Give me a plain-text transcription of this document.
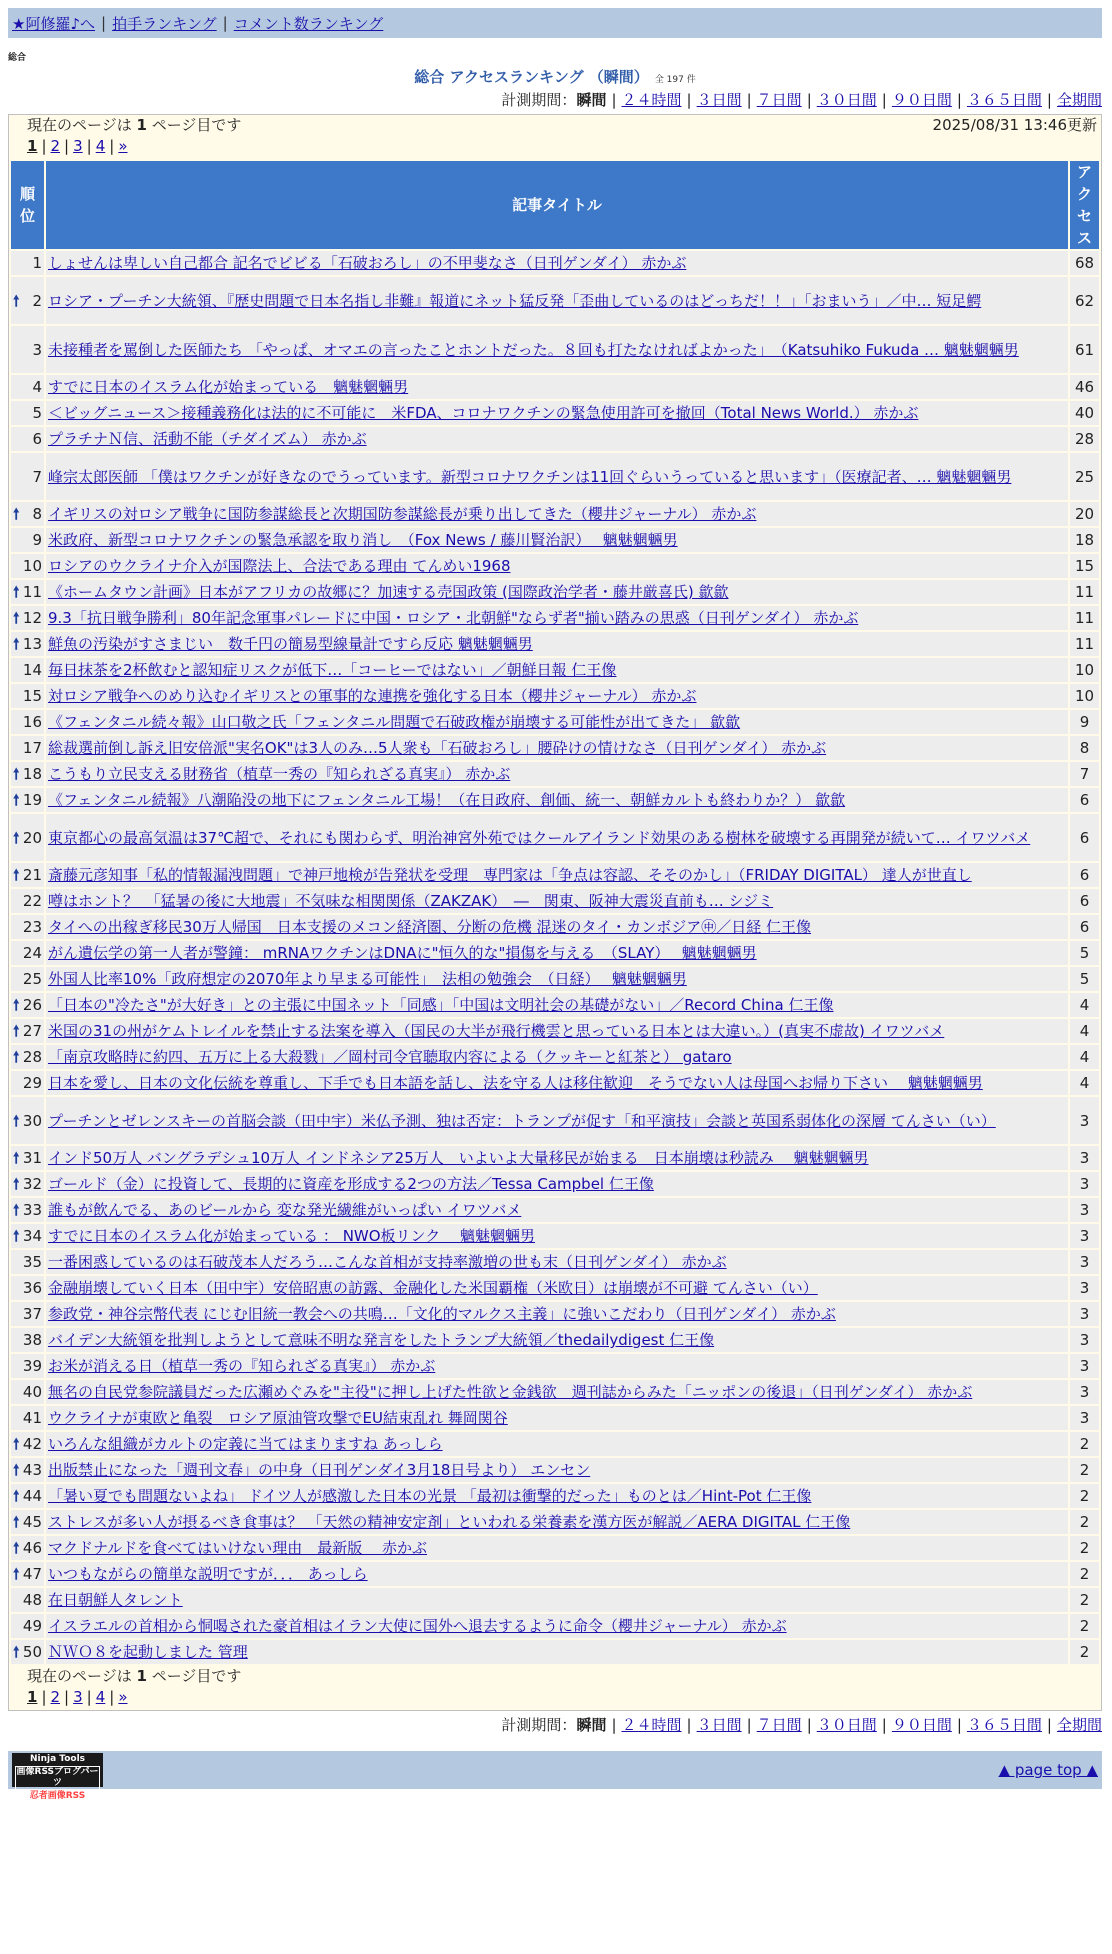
★阿修羅♪へ | 拍手ランキング | コメント数ランキング
総合
総合 アクセスランキング （瞬間） 全 197 件
計測期間：瞬間 | ２４時間 | ３日間 | ７日間 | ３０日間 | ９０日間 | ３６５日間 | 全期間
現在のページは 1 ページ目です	2025/08/31 13:46更新
1 | 2 | 3 | 4 | »
順
位	記事タイトル	アク
セス
1	しょせんは卑しい自己都合 記名でビビる「石破おろし」の不甲斐なさ（日刊ゲンダイ） 赤かぶ	68

🠕 2	ロシア・プーチン大統領、『歴史問題で日本名指し非難』報道にネット猛反発「歪曲しているのはどっちだ！！」「おまいう」／中… 短足鰐	62
3	未接種者を罵倒した医師たち 「やっぱ、オマエの言ったことホントだった。８回も打たなければよかった」　（Katsuhiko Fukuda … 魑魅魍魎男	61
4	すでに日本のイスラム化が始まっている　魑魅魍魎男	46
5	＜ビッグニュース＞接種義務化は法的に不可能に　米FDA、コロナワクチンの緊急使用許可を撤回（Total News World.） 赤かぶ	40
6	プラチナＮ信、活動不能（チダイズム） 赤かぶ	28
7	峰宗太郎医師 「僕はワクチンが好きなのでうっています。新型コロナワクチンは11回ぐらいうっていると思います」（医療記者、… 魑魅魍魎男	25

🠕 8	イギリスの対ロシア戦争に国防参謀総長と次期国防参謀総長が乗り出してきた（櫻井ジャーナル） 赤かぶ	20
9	米政府、新型コロナワクチンの緊急承認を取り消し　（Fox News / 藤川賢治訳）　 魑魅魍魎男	18
10	ロシアのウクライナ介入が国際法上、合法である理由 てんめい1968	15

🠕 11	《ホームタウン計画》日本がアフリカの故郷に？加速する売国政策 (国際政治学者・藤井厳喜氏) 歙歙	11

🠕 12	9.3「抗日戦争勝利」80年記念軍事パレードに中国・ロシア・北朝鮮"ならず者"揃い踏みの思惑（日刊ゲンダイ） 赤かぶ	11

🠕 13	鮮魚の汚染がすさまじい　数千円の簡易型線量計ですら反応 魑魅魍魎男	11
14	毎日抹茶を2杯飲むと認知症リスクが低下…「コーヒーではない」／朝鮮日報 仁王像	10
15	対ロシア戦争へのめり込むイギリスとの軍事的な連携を強化する日本（櫻井ジャーナル） 赤かぶ	10
16	《フェンタニル続々報》山口敬之氏「フェンタニル問題で石破政権が崩壊する可能性が出てきた」 歙歙	9
17	総裁選前倒し訴え旧安倍派"実名OK"は3人のみ…5人衆も「石破おろし」腰砕けの情けなさ（日刊ゲンダイ） 赤かぶ	8

🠕 18	こうもり立民支える財務省（植草一秀の『知られざる真実』） 赤かぶ	7

🠕 19	《フェンタニル続報》八潮陥没の地下にフェンタニル工場！（在日政府、創価、統一、朝鮮カルトも終わりか？） 歙歙	6

🠕 20	東京都心の最高気温は37℃超で、それにも関わらず、明治神宮外苑ではクールアイランド効果のある樹林を破壊する再開発が続いて… イワツバメ	6

🠕 21	斎藤元彦知事「私的情報漏洩問題」で神戸地検が告発状を受理　専門家は「争点は容認、そそのかし」（FRIDAY DIGITAL） 達人が世直し	6
22	噂はホント？　「猛暑の後に大地震」不気味な相関関係（ZAKZAK）　―　関東、阪神大震災直前も… シジミ	6
23	タイへの出稼ぎ移民30万人帰国　日本支援のメコン経済圏、分断の危機 混迷のタイ・カンボジア㊥／日経 仁王像	6
24	がん遺伝学の第一人者が警鐘： mRNAワクチンはDNAに"恒久的な"損傷を与える　（SLAY）　 魑魅魍魎男	5
25	外国人比率10%「政府想定の2070年より早まる可能性」　法相の勉強会　（日経）　 魑魅魍魎男	5

🠕 26	「日本の"冷たさ"が大好き」との主張に中国ネット「同感」「中国は文明社会の基礎がない」／Record China 仁王像	4

🠕 27	米国の31の州がケムトレイルを禁止する法案を導入（国民の大半が飛行機雲と思っている日本とは大違い。）(真実不虚故) イワツバメ	4

🠕 28	「南京攻略時に約四、五万に上る大殺戮」／岡村司令官聴取内容による（クッキーと紅茶と） gataro	4
29	日本を愛し、日本の文化伝統を尊重し、下手でも日本語を話し、法を守る人は移住歓迎　そうでない人は母国へお帰り下さい　 魑魅魍魎男	4

🠕 30	プーチンとゼレンスキーの首脳会談（田中宇）米仏予測、独は否定：トランプが促す「和平演技」会談と英国系弱体化の深層 てんさい（い）	3

🠕 31	インド50万人 バングラデシュ10万人 インドネシア25万人　いよいよ大量移民が始まる　日本崩壊は秒読み　 魑魅魍魎男	3

🠕 32	ゴールド（金）に投資して、長期的に資産を形成する2つの方法／Tessa Campbel 仁王像	3

🠕 33	誰もが飲んでる、あのビールから 変な発光繊維がいっぱい イワツバメ	3

🠕 34	すでに日本のイスラム化が始まっている ： NWO板リンク　 魑魅魍魎男	3
35	一番困惑しているのは石破茂本人だろう…こんな首相が支持率激増の世も末（日刊ゲンダイ） 赤かぶ	3
36	金融崩壊していく日本（田中宇）安倍昭恵の訪露、金融化した米国覇権（米欧日）は崩壊が不可避 てんさい（い）	3
37	参政党・神谷宗幣代表 にじむ旧統一教会への共鳴…「文化的マルクス主義」に強いこだわり（日刊ゲンダイ） 赤かぶ	3
38	バイデン大統領を批判しようとして意味不明な発言をしたトランプ大統領／thedailydigest 仁王像	3
39	お米が消える日（植草一秀の『知られざる真実』） 赤かぶ	3
40	無名の自民党参院議員だった広瀬めぐみを"主役"に押し上げた性欲と金銭欲　週刊誌からみた「ニッポンの後退」（日刊ゲンダイ） 赤かぶ	3
41	ウクライナが東欧と亀裂　ロシア原油管攻撃でEU結束乱れ 舞岡関谷	3

🠕 42	いろんな組織がカルトの定義に当てはまりますね あっしら	2

🠕 43	出版禁止になった「週刊文春」の中身（日刊ゲンダイ3月18日号より） エンセン	2

🠕 44	「暑い夏でも問題ないよね」 ドイツ人が感激した日本の光景 「最初は衝撃的だった」ものとは／Hint-Pot 仁王像	2

🠕 45	ストレスが多い人が摂るべき食事は？ 「天然の精神安定剤」といわれる栄養素を漢方医が解説／AERA DIGITAL 仁王像	2

🠕 46	マクドナルドを食べてはいけない理由　最新版　 赤かぶ	2

🠕 47	いつもながらの簡単な説明ですが．．． あっしら	2
48	在日朝鮮人タレント	2
49	イスラエルの首相から恫喝された豪首相はイラン大使に国外へ退去するように命令（櫻井ジャーナル） 赤かぶ	2

🠕 50	ＮＷＯ８を起動しました 管理	2
現在のページは 1 ページ目です
1 | 2 | 3 | 4 | »
計測期間：瞬間 | ２４時間 | ３日間 | ７日間 | ３０日間 | ９０日間 | ３６５日間 | 全期間
Ninja Tools
画像RSSブログパーツ
忍者画像RSS
▲ page top ▲
